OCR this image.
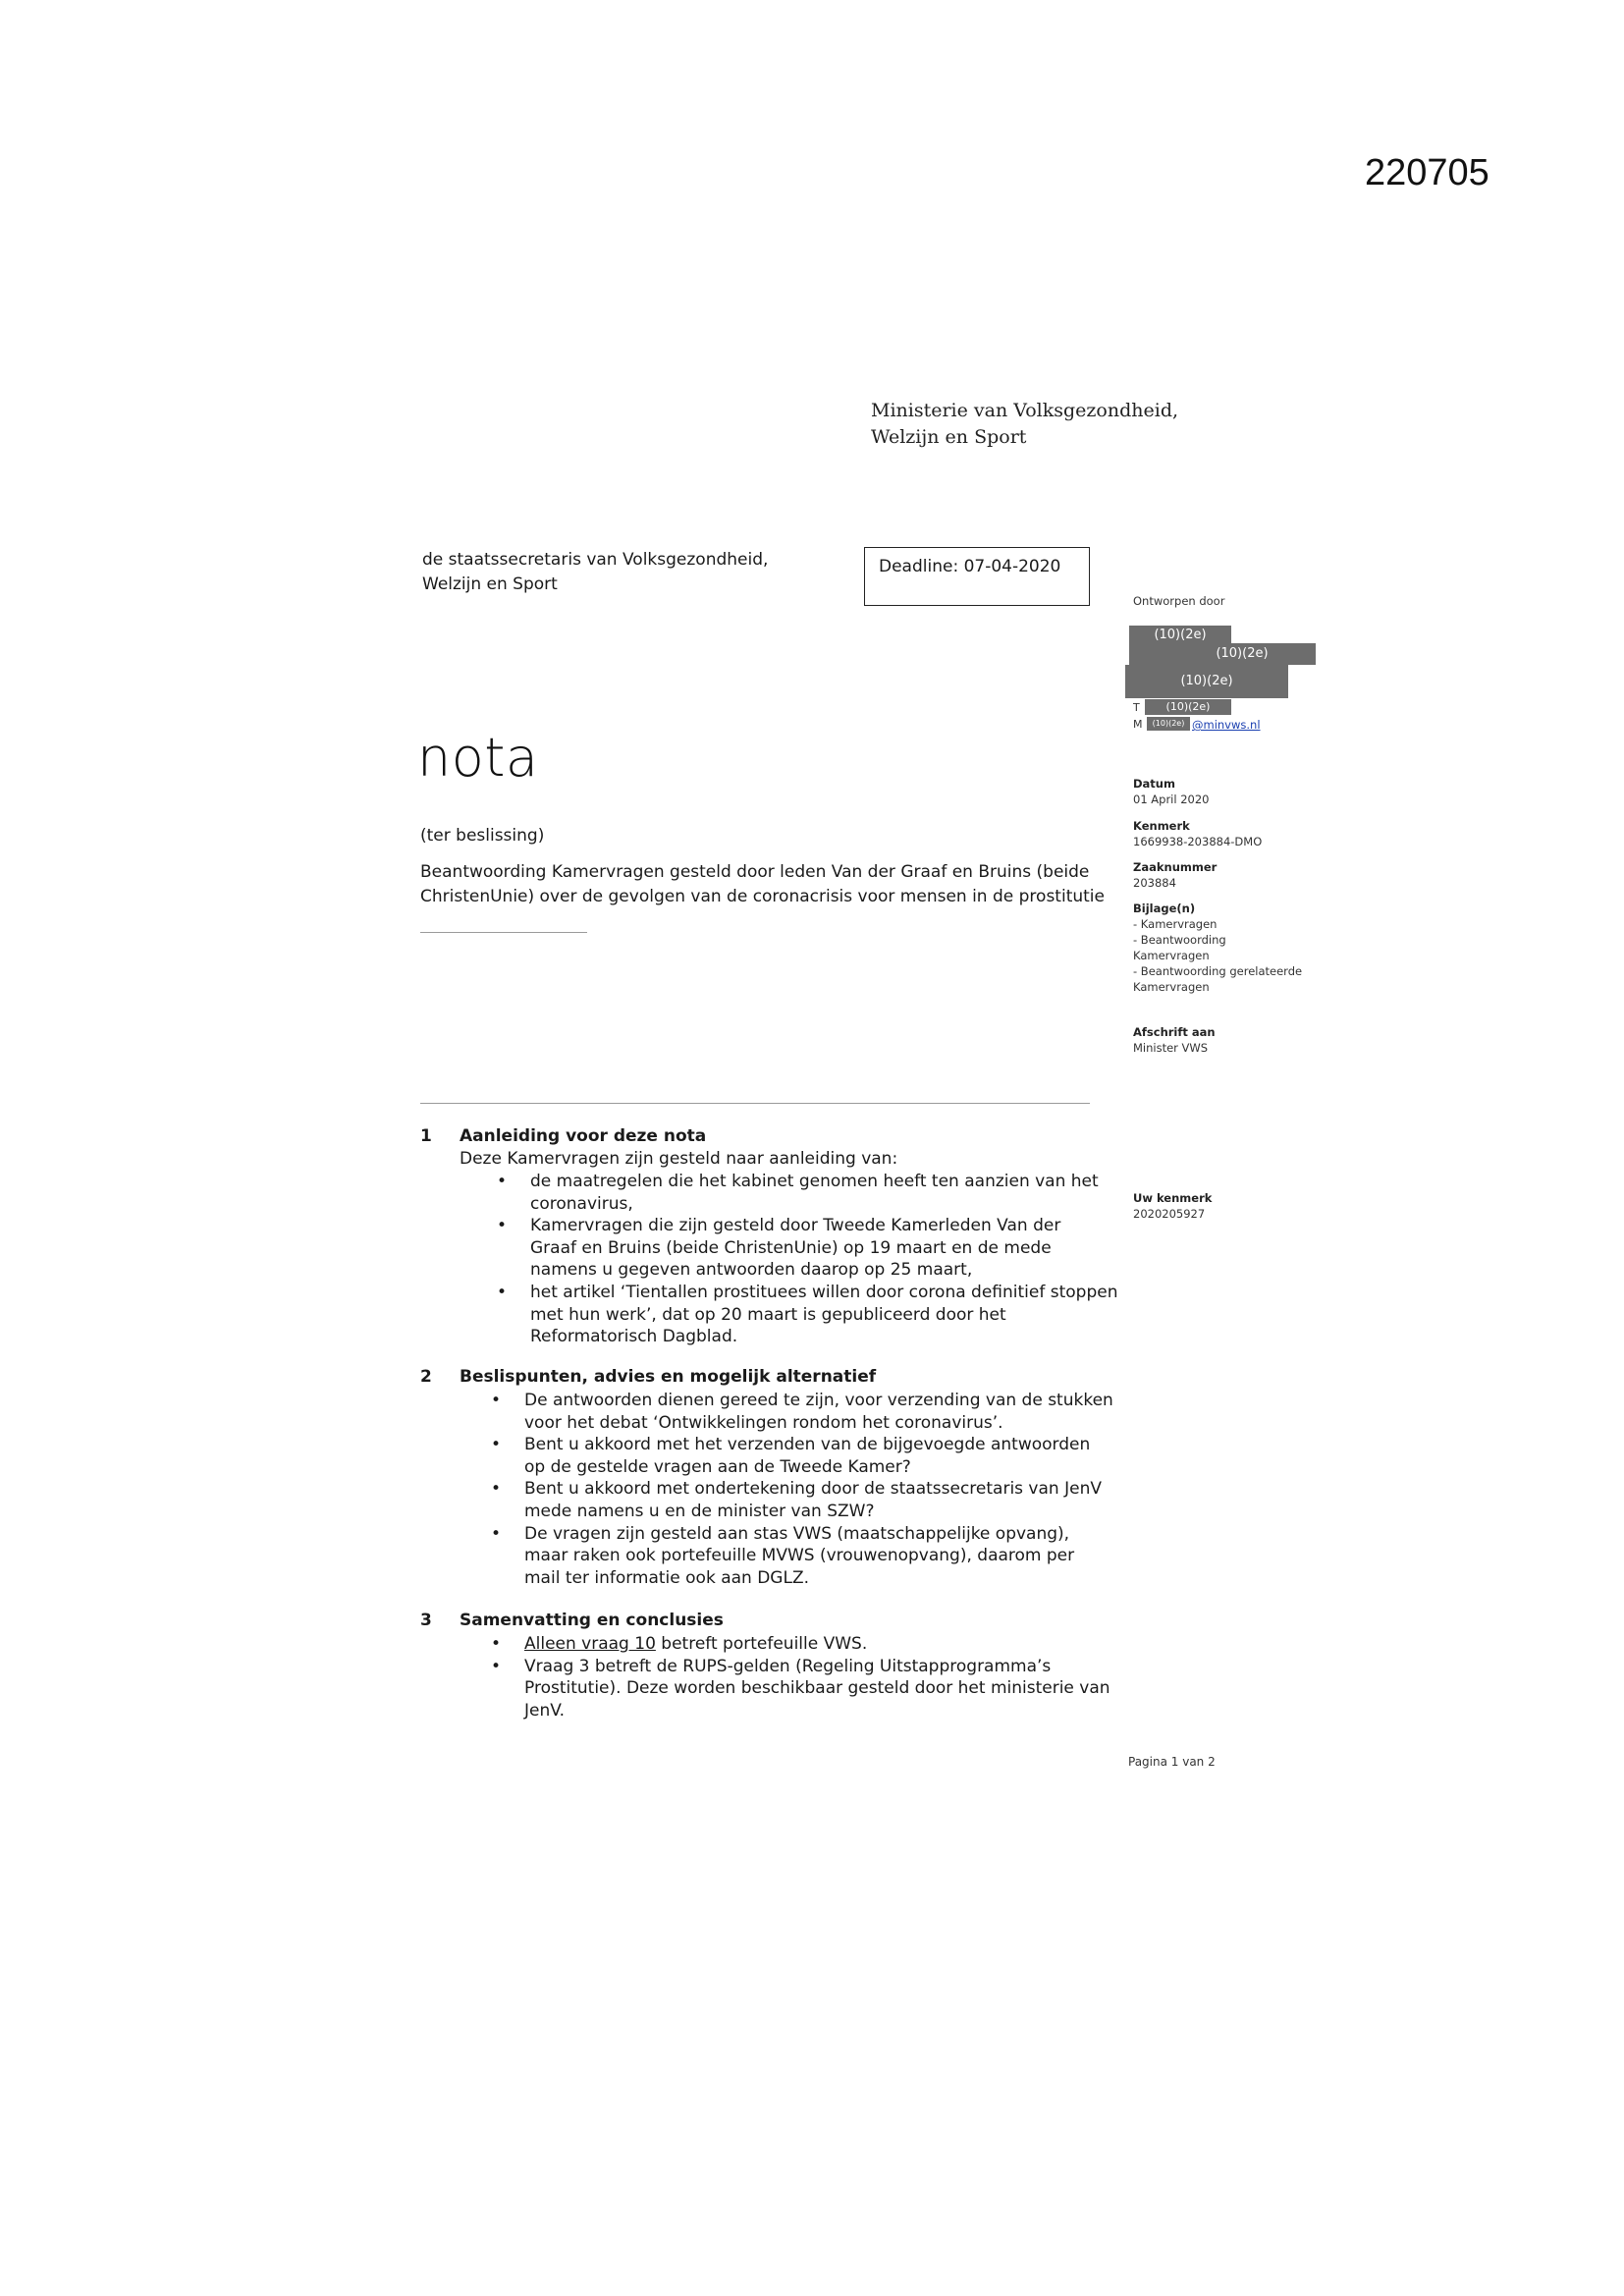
220705
Ministerie van Volksgezondheid,
Welzijn en Sport
de staatssecretaris van Volksgezondheid,
Welzijn en Sport
Deadline: 07-04-2020
nota
(ter beslissing)
Beantwoording Kamervragen gesteld door leden Van der Graaf en Bruins (beide ChristenUnie) over de gevolgen van de coronacrisis voor mensen in de prostitutie
Ontworpen door
(10)(2e)
(10)(2e)
(10)(2e)
T	(10)(2e)
M	(10)(2e) @minvws.nl
Datum
01 April 2020
Kenmerk
1669938-203884-DMO
Zaaknummer
203884
Bijlage(n)
- Kamervragen
- Beantwoording
Kamervragen
- Beantwoording gerelateerde
Kamervragen
Afschrift aan
Minister VWS
Uw kenmerk
2020205927
1 Aanleiding voor deze nota
Deze Kamervragen zijn gesteld naar aanleiding van:
• de maatregelen die het kabinet genomen heeft ten aanzien van het
coronavirus,
• Kamervragen die zijn gesteld door Tweede Kamerleden Van der
Graaf en Bruins (beide ChristenUnie) op 19 maart en de mede
namens u gegeven antwoorden daarop op 25 maart,
• het artikel ‘Tientallen prostituees willen door corona definitief stoppen
met hun werk’, dat op 20 maart is gepubliceerd door het
Reformatorisch Dagblad.
2 Beslispunten, advies en mogelijk alternatief
• De antwoorden dienen gereed te zijn, voor verzending van de stukken
voor het debat ‘Ontwikkelingen rondom het coronavirus’.
• Bent u akkoord met het verzenden van de bijgevoegde antwoorden
op de gestelde vragen aan de Tweede Kamer?
• Bent u akkoord met ondertekening door de staatssecretaris van JenV
mede namens u en de minister van SZW?
• De vragen zijn gesteld aan stas VWS (maatschappelijke opvang),
maar raken ook portefeuille MVWS (vrouwenopvang), daarom per
mail ter informatie ook aan DGLZ.
3 Samenvatting en conclusies
• Alleen vraag 10 betreft portefeuille VWS.
• Vraag 3 betreft de RUPS-gelden (Regeling Uitstapprogramma’s
Prostitutie). Deze worden beschikbaar gesteld door het ministerie van
JenV.
Pagina 1 van 2
